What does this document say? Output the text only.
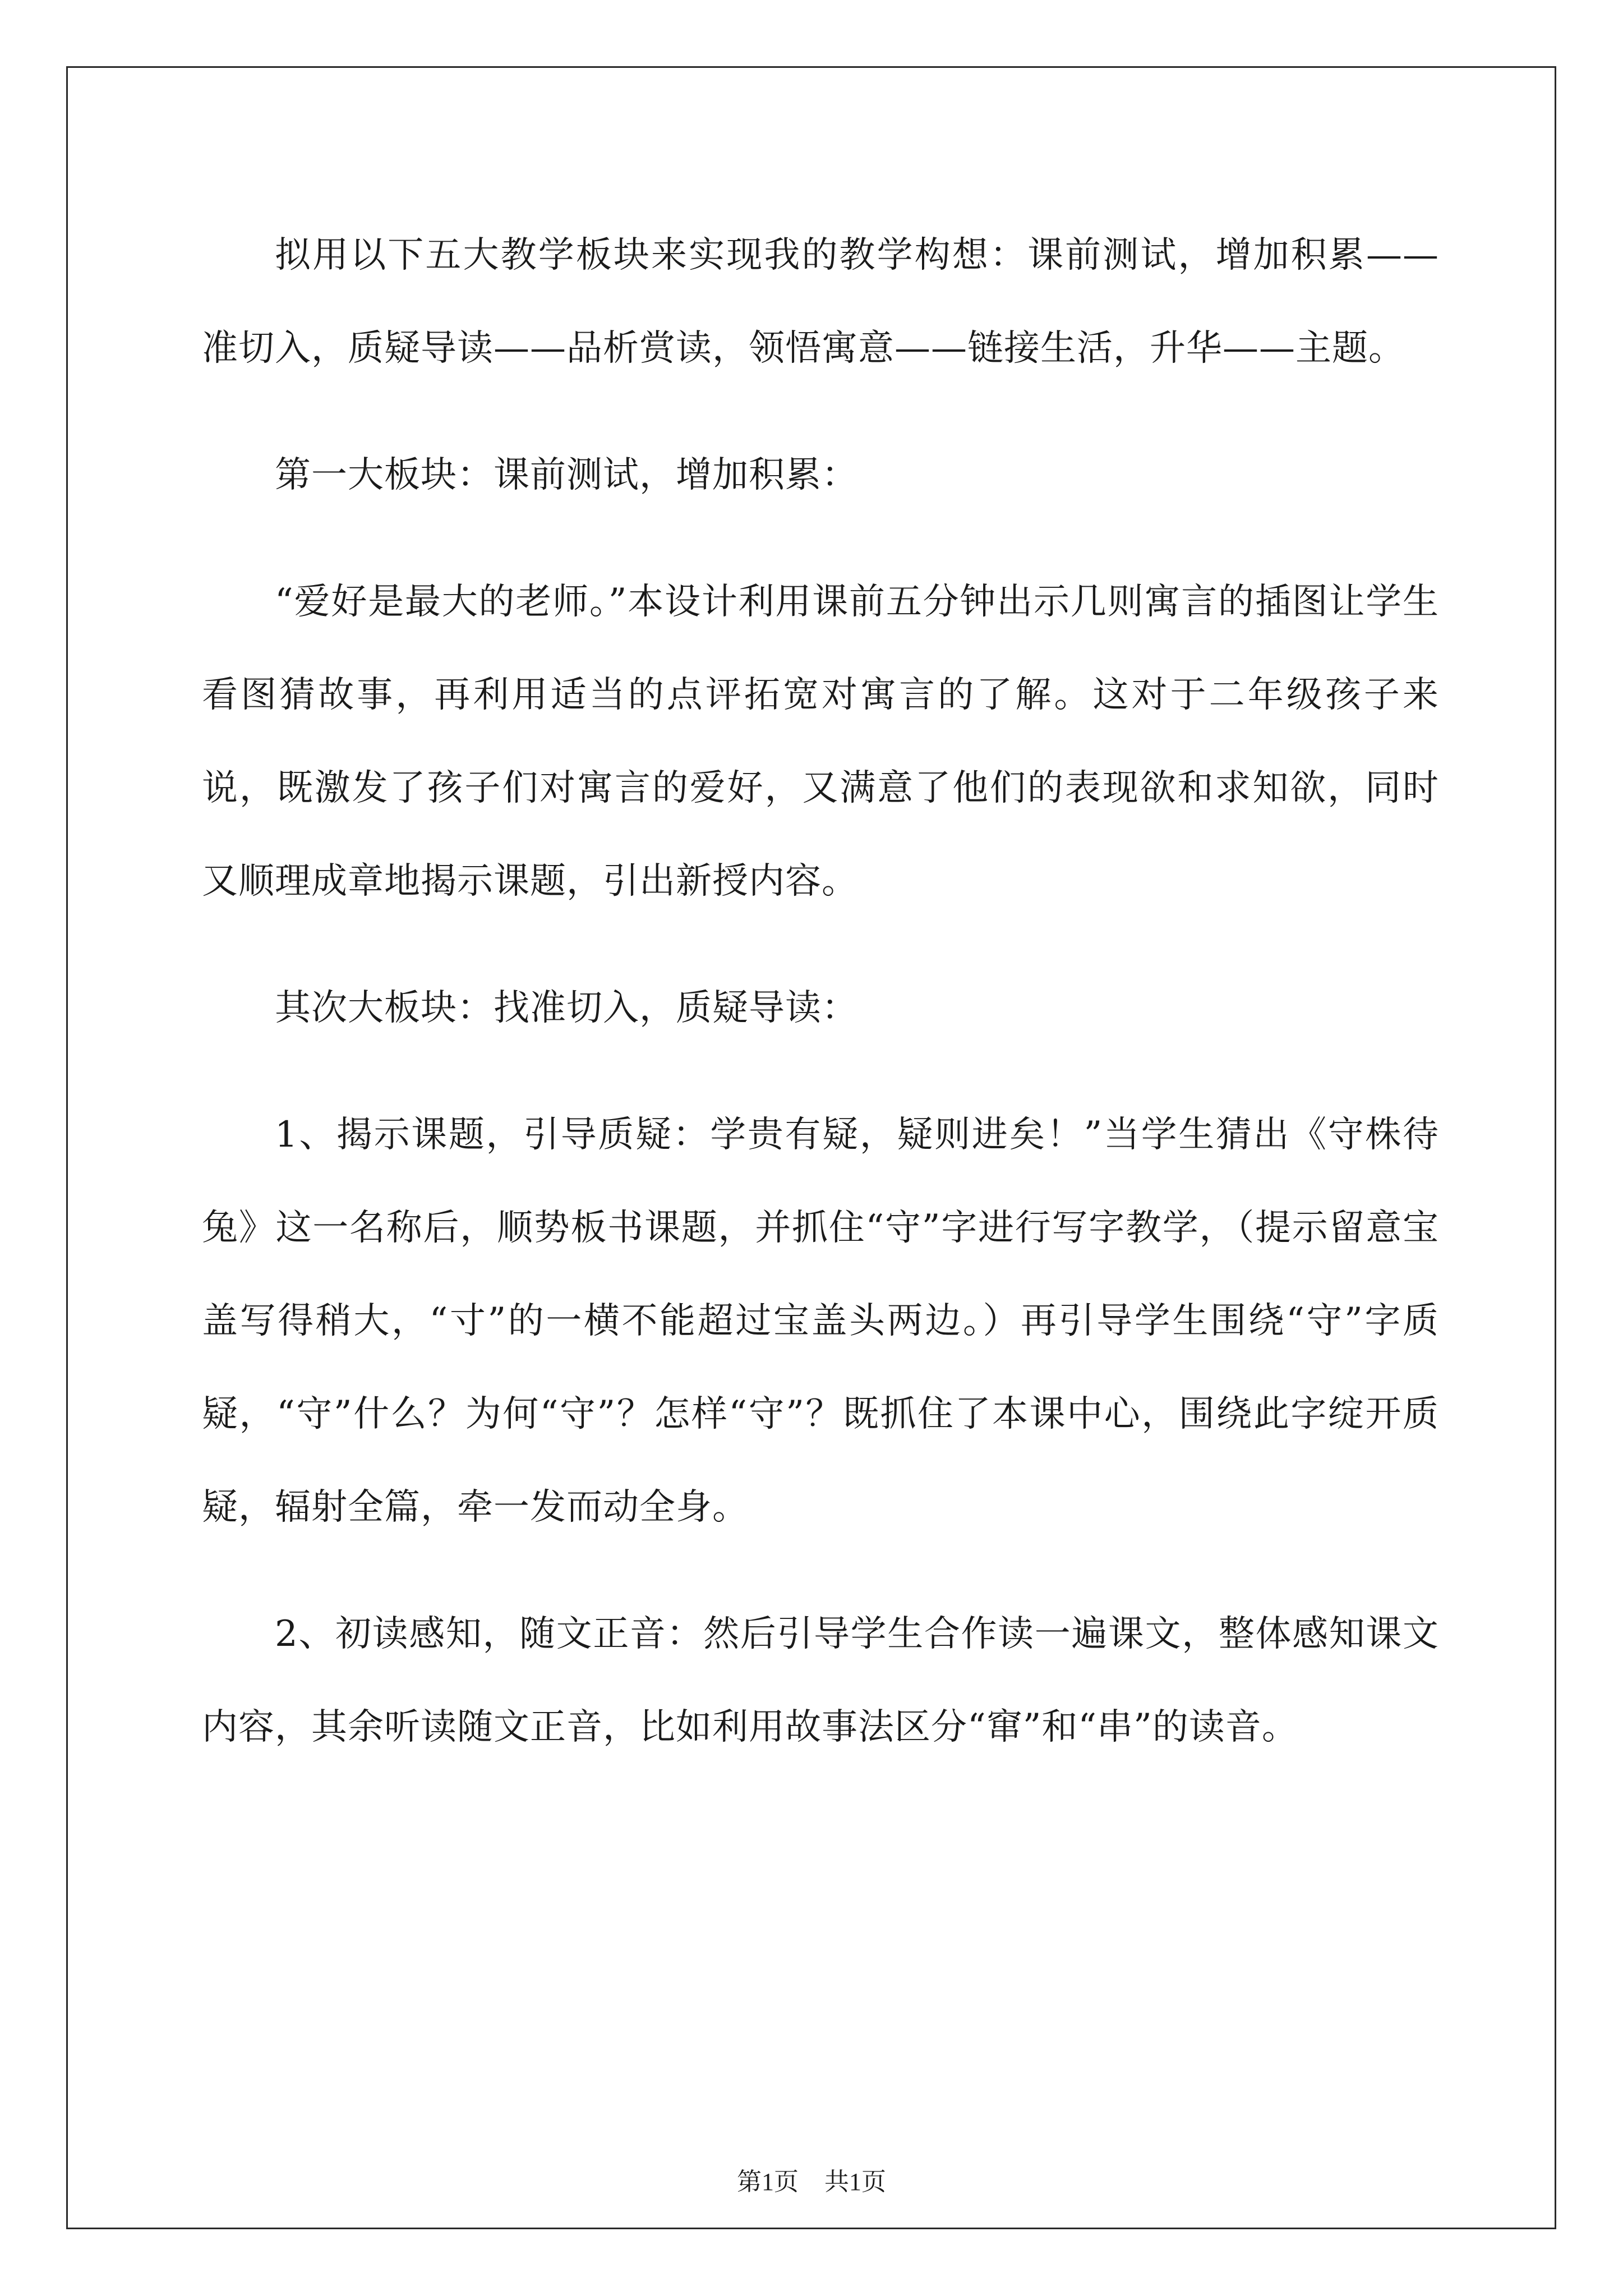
拟用以下五大教学板块来实现我的教学构想：课前测试，增加积累——准切入，质疑导读——品析赏读，领悟寓意——链接生活，升华——主题。

第一大板块：课前测试，增加积累：

“爱好是最大的老师。”本设计利用课前五分钟出示几则寓言的插图让学生看图猜故事，再利用适当的点评拓宽对寓言的了解。这对于二年级孩子来说，既激发了孩子们对寓言的爱好，又满意了他们的表现欲和求知欲，同时又顺理成章地揭示课题，引出新授内容。

其次大板块：找准切入，质疑导读：

1、揭示课题，引导质疑：学贵有疑，疑则进矣！”当学生猜出《守株待兔》这一名称后，顺势板书课题，并抓住“守”字进行写字教学，（提示留意宝盖写得稍大，“寸”的一横不能超过宝盖头两边。）再引导学生围绕“守”字质疑，“守”什么？为何“守”？怎样“守”？既抓住了本课中心，围绕此字绽开质疑，辐射全篇，牵一发而动全身。

2、初读感知，随文正音：然后引导学生合作读一遍课文，整体感知课文内容，其余听读随文正音，比如利用故事法区分“窜”和“串”的读音。

第1页 共1页
